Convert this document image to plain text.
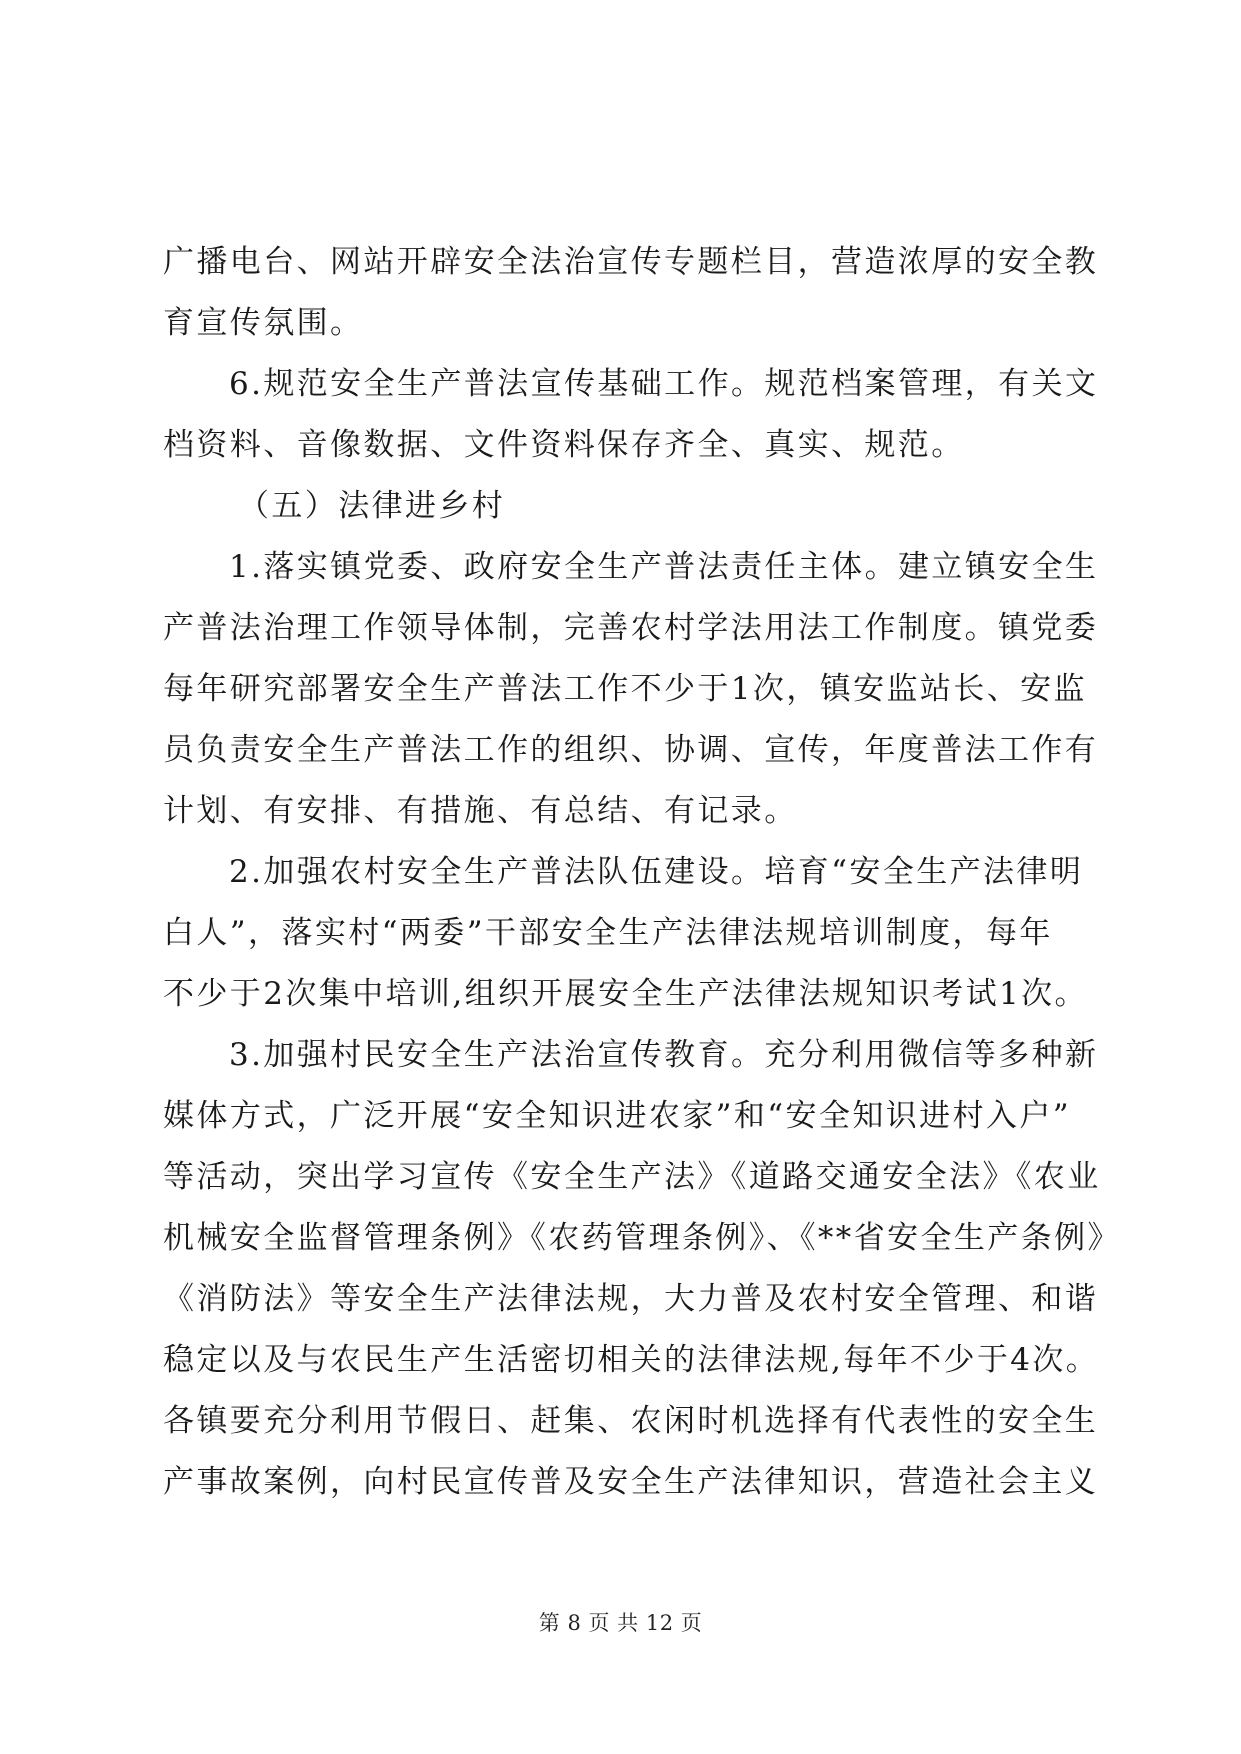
广播电台、网站开辟安全法治宣传专题栏目，营造浓厚的安全教
育宣传氛围。
6.规范安全生产普法宣传基础工作。规范档案管理，有关文
档资料、音像数据、文件资料保存齐全、真实、规范。
（五）法律进乡村
1.落实镇党委、政府安全生产普法责任主体。建立镇安全生
产普法治理工作领导体制，完善农村学法用法工作制度。镇党委
每年研究部署安全生产普法工作不少于1次，镇安监站长、安监
员负责安全生产普法工作的组织、协调、宣传，年度普法工作有
计划、有安排、有措施、有总结、有记录。
2.加强农村安全生产普法队伍建设。培育“安全生产法律明
白人”，落实村“两委”干部安全生产法律法规培训制度，每年
不少于2次集中培训,组织开展安全生产法律法规知识考试1次。
3.加强村民安全生产法治宣传教育。充分利用微信等多种新
媒体方式，广泛开展“安全知识进农家”和“安全知识进村入户”
等活动，突出学习宣传《安全生产法》《道路交通安全法》《农业
机械安全监督管理条例》《农药管理条例》、《**省安全生产条例》
《消防法》等安全生产法律法规，大力普及农村安全管理、和谐
稳定以及与农民生产生活密切相关的法律法规,每年不少于4次。
各镇要充分利用节假日、赶集、农闲时机选择有代表性的安全生
产事故案例，向村民宣传普及安全生产法律知识，营造社会主义
第 8 页 共 12 页
